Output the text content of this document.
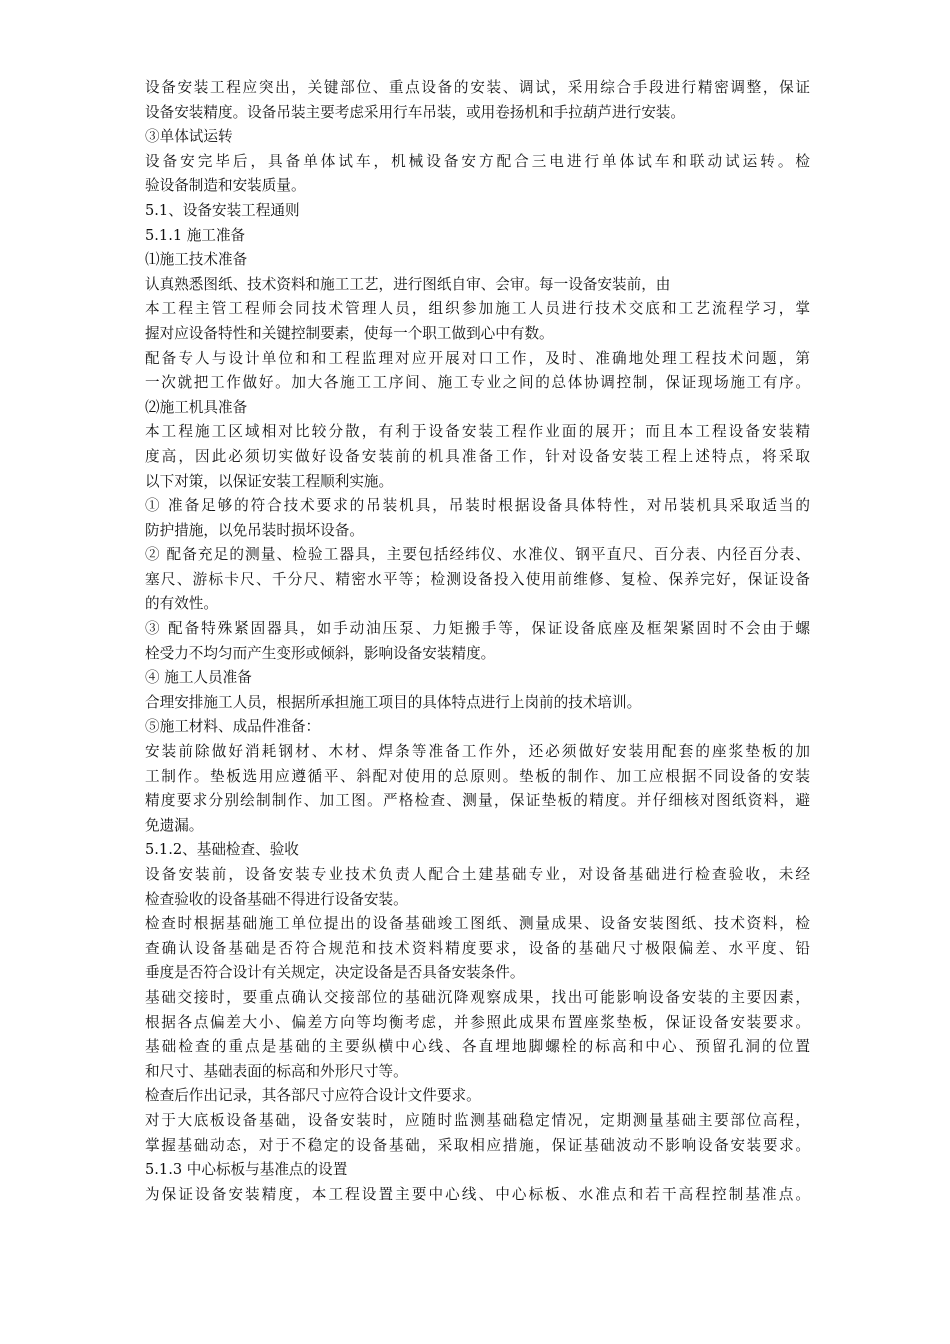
设备安装工程应突出，关键部位、重点设备的安装、调试，采用综合手段进行精密调整，保证
设备安装精度。设备吊装主要考虑采用行车吊装，或用卷扬机和手拉葫芦进行安装。
③单体试运转
设备安完毕后，具备单体试车，机械设备安方配合三电进行单体试车和联动试运转。检
验设备制造和安装质量。
5.1、设备安装工程通则
5.1.1 施工准备
⑴施工技术准备
认真熟悉图纸、技术资料和施工工艺，进行图纸自审、会审。每一设备安装前，由
本工程主管工程师会同技术管理人员，组织参加施工人员进行技术交底和工艺流程学习，掌
握对应设备特性和关键控制要素，使每一个职工做到心中有数。
配备专人与设计单位和和工程监理对应开展对口工作，及时、准确地处理工程技术问题，第
一次就把工作做好。加大各施工工序间、施工专业之间的总体协调控制，保证现场施工有序。
⑵施工机具准备
本工程施工区域相对比较分散，有利于设备安装工程作业面的展开；而且本工程设备安装精
度高，因此必须切实做好设备安装前的机具准备工作，针对设备安装工程上述特点，将采取
以下对策，以保证安装工程顺利实施。
① 准备足够的符合技术要求的吊装机具，吊装时根据设备具体特性，对吊装机具采取适当的
防护措施，以免吊装时损坏设备。
② 配备充足的测量、检验工器具，主要包括经纬仪、水准仪、钢平直尺、百分表、内径百分表、
塞尺、游标卡尺、千分尺、精密水平等；检测设备投入使用前维修、复检、保养完好，保证设备
的有效性。
③ 配备特殊紧固器具，如手动油压泵、力矩搬手等，保证设备底座及框架紧固时不会由于螺
栓受力不均匀而产生变形或倾斜，影响设备安装精度。
④ 施工人员准备
合理安排施工人员，根据所承担施工项目的具体特点进行上岗前的技术培训。
⑤施工材料、成品件准备：
安装前除做好消耗钢材、木材、焊条等准备工作外，还必须做好安装用配套的座浆垫板的加
工制作。垫板选用应遵循平、斜配对使用的总原则。垫板的制作、加工应根据不同设备的安装
精度要求分别绘制制作、加工图。严格检查、测量，保证垫板的精度。并仔细核对图纸资料，避
免遗漏。
5.1.2、基础检查、验收
设备安装前，设备安装专业技术负责人配合土建基础专业，对设备基础进行检查验收，未经
检查验收的设备基础不得进行设备安装。
检查时根据基础施工单位提出的设备基础竣工图纸、测量成果、设备安装图纸、技术资料，检
查确认设备基础是否符合规范和技术资料精度要求，设备的基础尺寸极限偏差、水平度、铅
垂度是否符合设计有关规定，决定设备是否具备安装条件。
基础交接时，要重点确认交接部位的基础沉降观察成果，找出可能影响设备安装的主要因素，
根据各点偏差大小、偏差方向等均衡考虑，并参照此成果布置座浆垫板，保证设备安装要求。
基础检查的重点是基础的主要纵横中心线、各直埋地脚螺栓的标高和中心、预留孔洞的位置
和尺寸、基础表面的标高和外形尺寸等。
检查后作出记录，其各部尺寸应符合设计文件要求。
对于大底板设备基础，设备安装时，应随时监测基础稳定情况，定期测量基础主要部位高程，
掌握基础动态，对于不稳定的设备基础，采取相应措施，保证基础波动不影响设备安装要求。
5.1.3 中心标板与基准点的设置
为保证设备安装精度，本工程设置主要中心线、中心标板、水准点和若干高程控制基准点。
